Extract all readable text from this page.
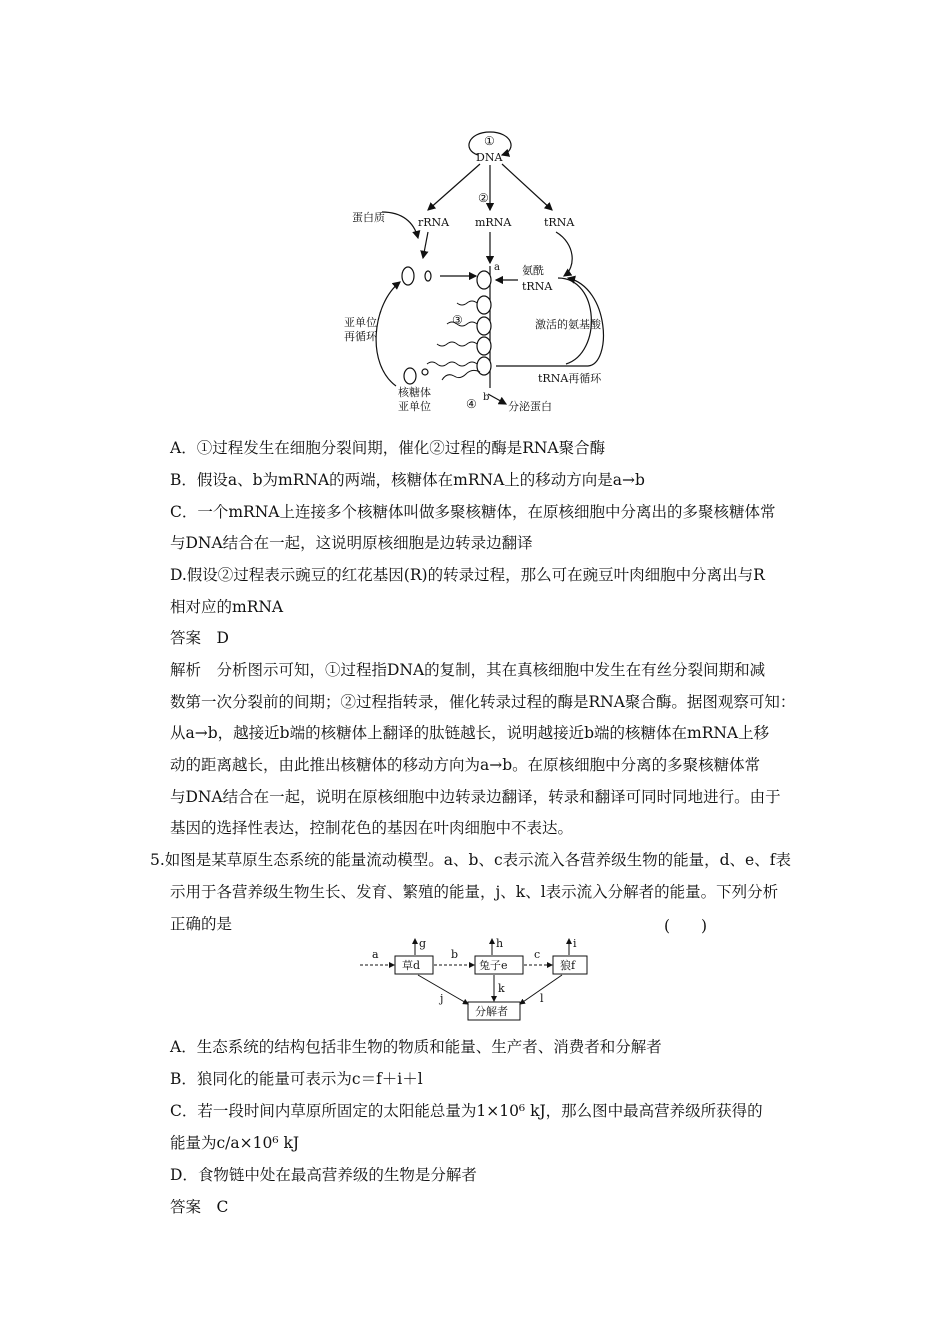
①
DNA
②
蛋白质	rRNA mRNA	tRNA
a
b
③
氨酰
tRNA
激活的氨基酸
tRNA再循环
亚单位
再循环
核糖体
亚单位	④	分泌蛋白
A．①过程发生在细胞分裂间期，催化②过程的酶是RNA聚合酶
B．假设a、b为mRNA的两端，核糖体在mRNA上的移动方向是a→b
C．一个mRNA上连接多个核糖体叫做多聚核糖体，在原核细胞中分离出的多聚核糖体常
与DNA结合在一起，这说明原核细胞是边转录边翻译
D.假设②过程表示豌豆的红花基因(R)的转录过程，那么可在豌豆叶肉细胞中分离出与R
相对应的mRNA
答案　D
解析　分析图示可知，①过程指DNA的复制，其在真核细胞中发生在有丝分裂间期和减
数第一次分裂前的间期；②过程指转录，催化转录过程的酶是RNA聚合酶。据图观察可知：
从a→b，越接近b端的核糖体上翻译的肽链越长，说明越接近b端的核糖体在mRNA上移
动的距离越长，由此推出核糖体的移动方向为a→b。在原核细胞中分离的多聚核糖体常
与DNA结合在一起，说明在原核细胞中边转录边翻译，转录和翻译可同时同地进行。由于
基因的选择性表达，控制花色的基因在叶肉细胞中不表达。
5.如图是某草原生态系统的能量流动模型。a、b、c表示流入各营养级生物的能量，d、e、f表
示用于各营养级生物生长、发育、繁殖的能量，j、k、l表示流入分解者的能量。下列分析
正确的是	(　　)
a
草d
g
b
兔子e
h
c
狼f
i
分解者
j
k
l
A．生态系统的结构包括非生物的物质和能量、生产者、消费者和分解者
B．狼同化的能量可表示为c＝f＋i＋l
C．若一段时间内草原所固定的太阳能总量为1×10⁶ kJ，那么图中最高营养级所获得的
能量为c/a×10⁶ kJ
D．食物链中处在最高营养级的生物是分解者
答案　C
